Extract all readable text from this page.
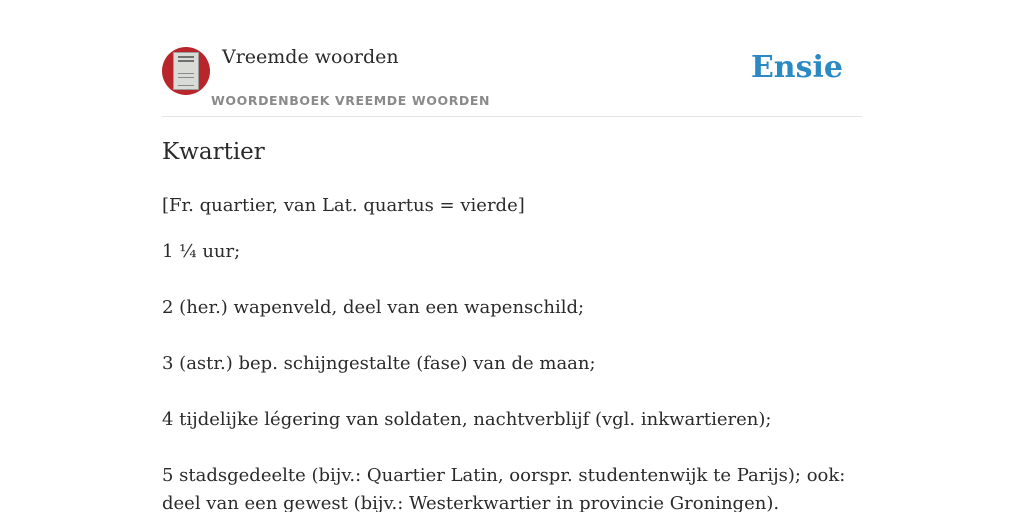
Vreemde woorden
WOORDENBOEK VREEMDE WOORDEN
Ensie
Kwartier
[Fr. quartier, van Lat. quartus = vierde]
1 ¼ uur;
2 (her.) wapenveld, deel van een wapenschild;
3 (astr.) bep. schijngestalte (fase) van de maan;
4 tijdelijke légering van soldaten, nachtverblijf (vgl. inkwartieren);
5 stadsgedeelte (bijv.: Quartier Latin, oorspr. studentenwijk te Parijs); ook: deel van een gewest (bijv.: Westerkwartier in provincie Groningen).
